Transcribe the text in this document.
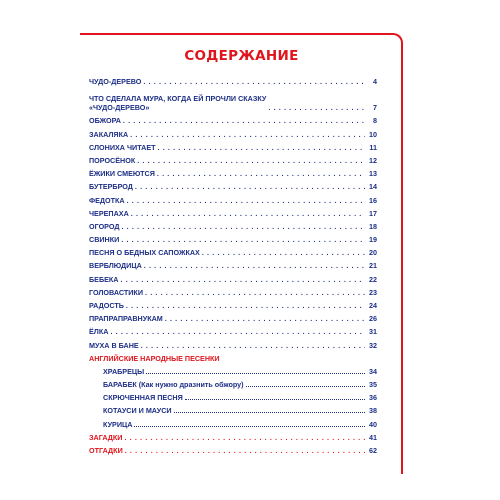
СОДЕРЖАНИЕ
ЧУДО-ДЕРЕВО . . .	4
ЧТО СДЕЛАЛА МУРА, КОГДА ЕЙ ПРОЧЛИ СКАЗКУ
«ЧУДО-ДЕРЕВО» . . .	7
ОБЖОРА . . .	8
ЗАКАЛЯКА . . .	10
СЛОНИХА ЧИТАЕТ . . .	11
ПОРОСЁНОК . . .	12
ЁЖИКИ СМЕЮТСЯ . . .	13
БУТЕРБРОД . . .	14
ФЕДОТКА . . .	16
ЧЕРЕПАХА . . .	17
ОГОРОД . . .	18
СВИНКИ . . .	19
ПЕСНЯ О БЕДНЫХ САПОЖКАХ . . .	20
ВЕРБЛЮДИЦА . . .	21
БЕБЕКА . . .	22
ГОЛОВАСТИКИ . . .	23
РАДОСТЬ . . .	24
ПРАПРАПРАВНУКАМ . . .	26
ЁЛКА . . .	31
МУХА В БАНЕ . . .	32
АНГЛИЙСКИЕ НАРОДНЫЕ ПЕСЕНКИ
ХРАБРЕЦЫ	34
БАРАБЕК (Как нужно дразнить обжору)	35
СКРЮЧЕННАЯ ПЕСНЯ	36
КОТАУСИ И МАУСИ	38
КУРИЦА	40
ЗАГАДКИ . . .	41
ОТГАДКИ . . .	62
